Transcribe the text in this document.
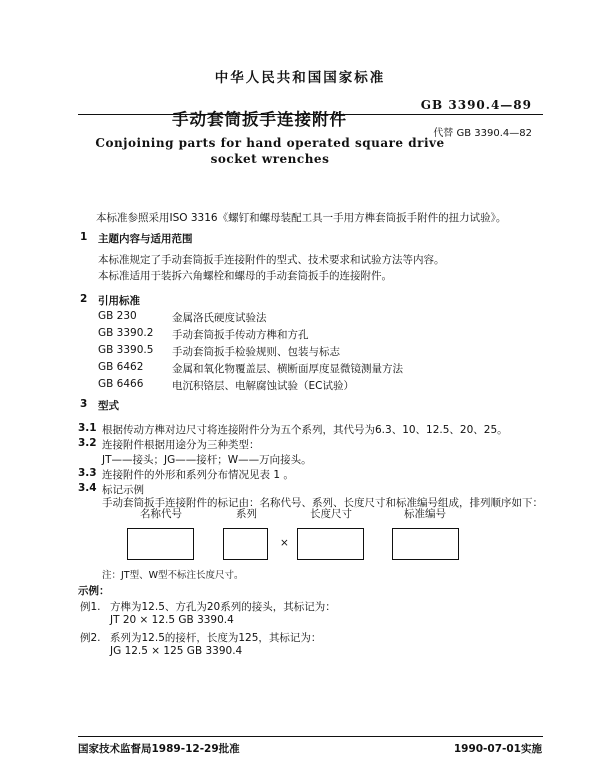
中华人民共和国国家标准
GB 3390.4—89
手动套筒扳手连接附件
代替 GB 3390.4—82
Conjoining parts for hand operated square drive
socket wrenches
本标准参照采用ISO 3316《螺钉和螺母装配工具一手用方榫套筒扳手附件的扭力试验》。
1 主题内容与适用范围
本标准规定了手动套筒扳手连接附件的型式、技术要求和试验方法等内容。
本标准适用于装拆六角螺栓和螺母的手动套筒扳手的连接附件。
2 引用标准
GB 230	金属洛氏硬度试验法
GB 3390.2 手动套筒扳手传动方榫和方孔
GB 3390.5 手动套筒扳手检验规则、包装与标志
GB 6462	金属和氧化物覆盖层、横断面厚度显微镜测量方法
GB 6466	电沉积铬层、电解腐蚀试验（EC试验）
3 型式
3.1 根据传动方榫对边尺寸将连接附件分为五个系列，其代号为6.3、10、12.5、20、25。
3.2 连接附件根据用途分为三种类型：
JT——接头；JG——接杆；W——万向接头。
3.3 连接附件的外形和系列分布情况见表 1 。
3.4 标记示例
手动套筒扳手连接附件的标记由：名称代号、系列、长度尺寸和标准编号组成，排列顺序如下：
名称代号	系列	长度尺寸	标准编号
×
注：JT型、W型不标注长度尺寸。
示例：
例1. 方榫为12.5、方孔为20系列的接头，其标记为：
JT 20 × 12.5 GB 3390.4
例2. 系列为12.5的接杆，长度为125，其标记为：
JG 12.5 × 125 GB 3390.4
国家技术监督局1989-12-29批准	1990-07-01实施
